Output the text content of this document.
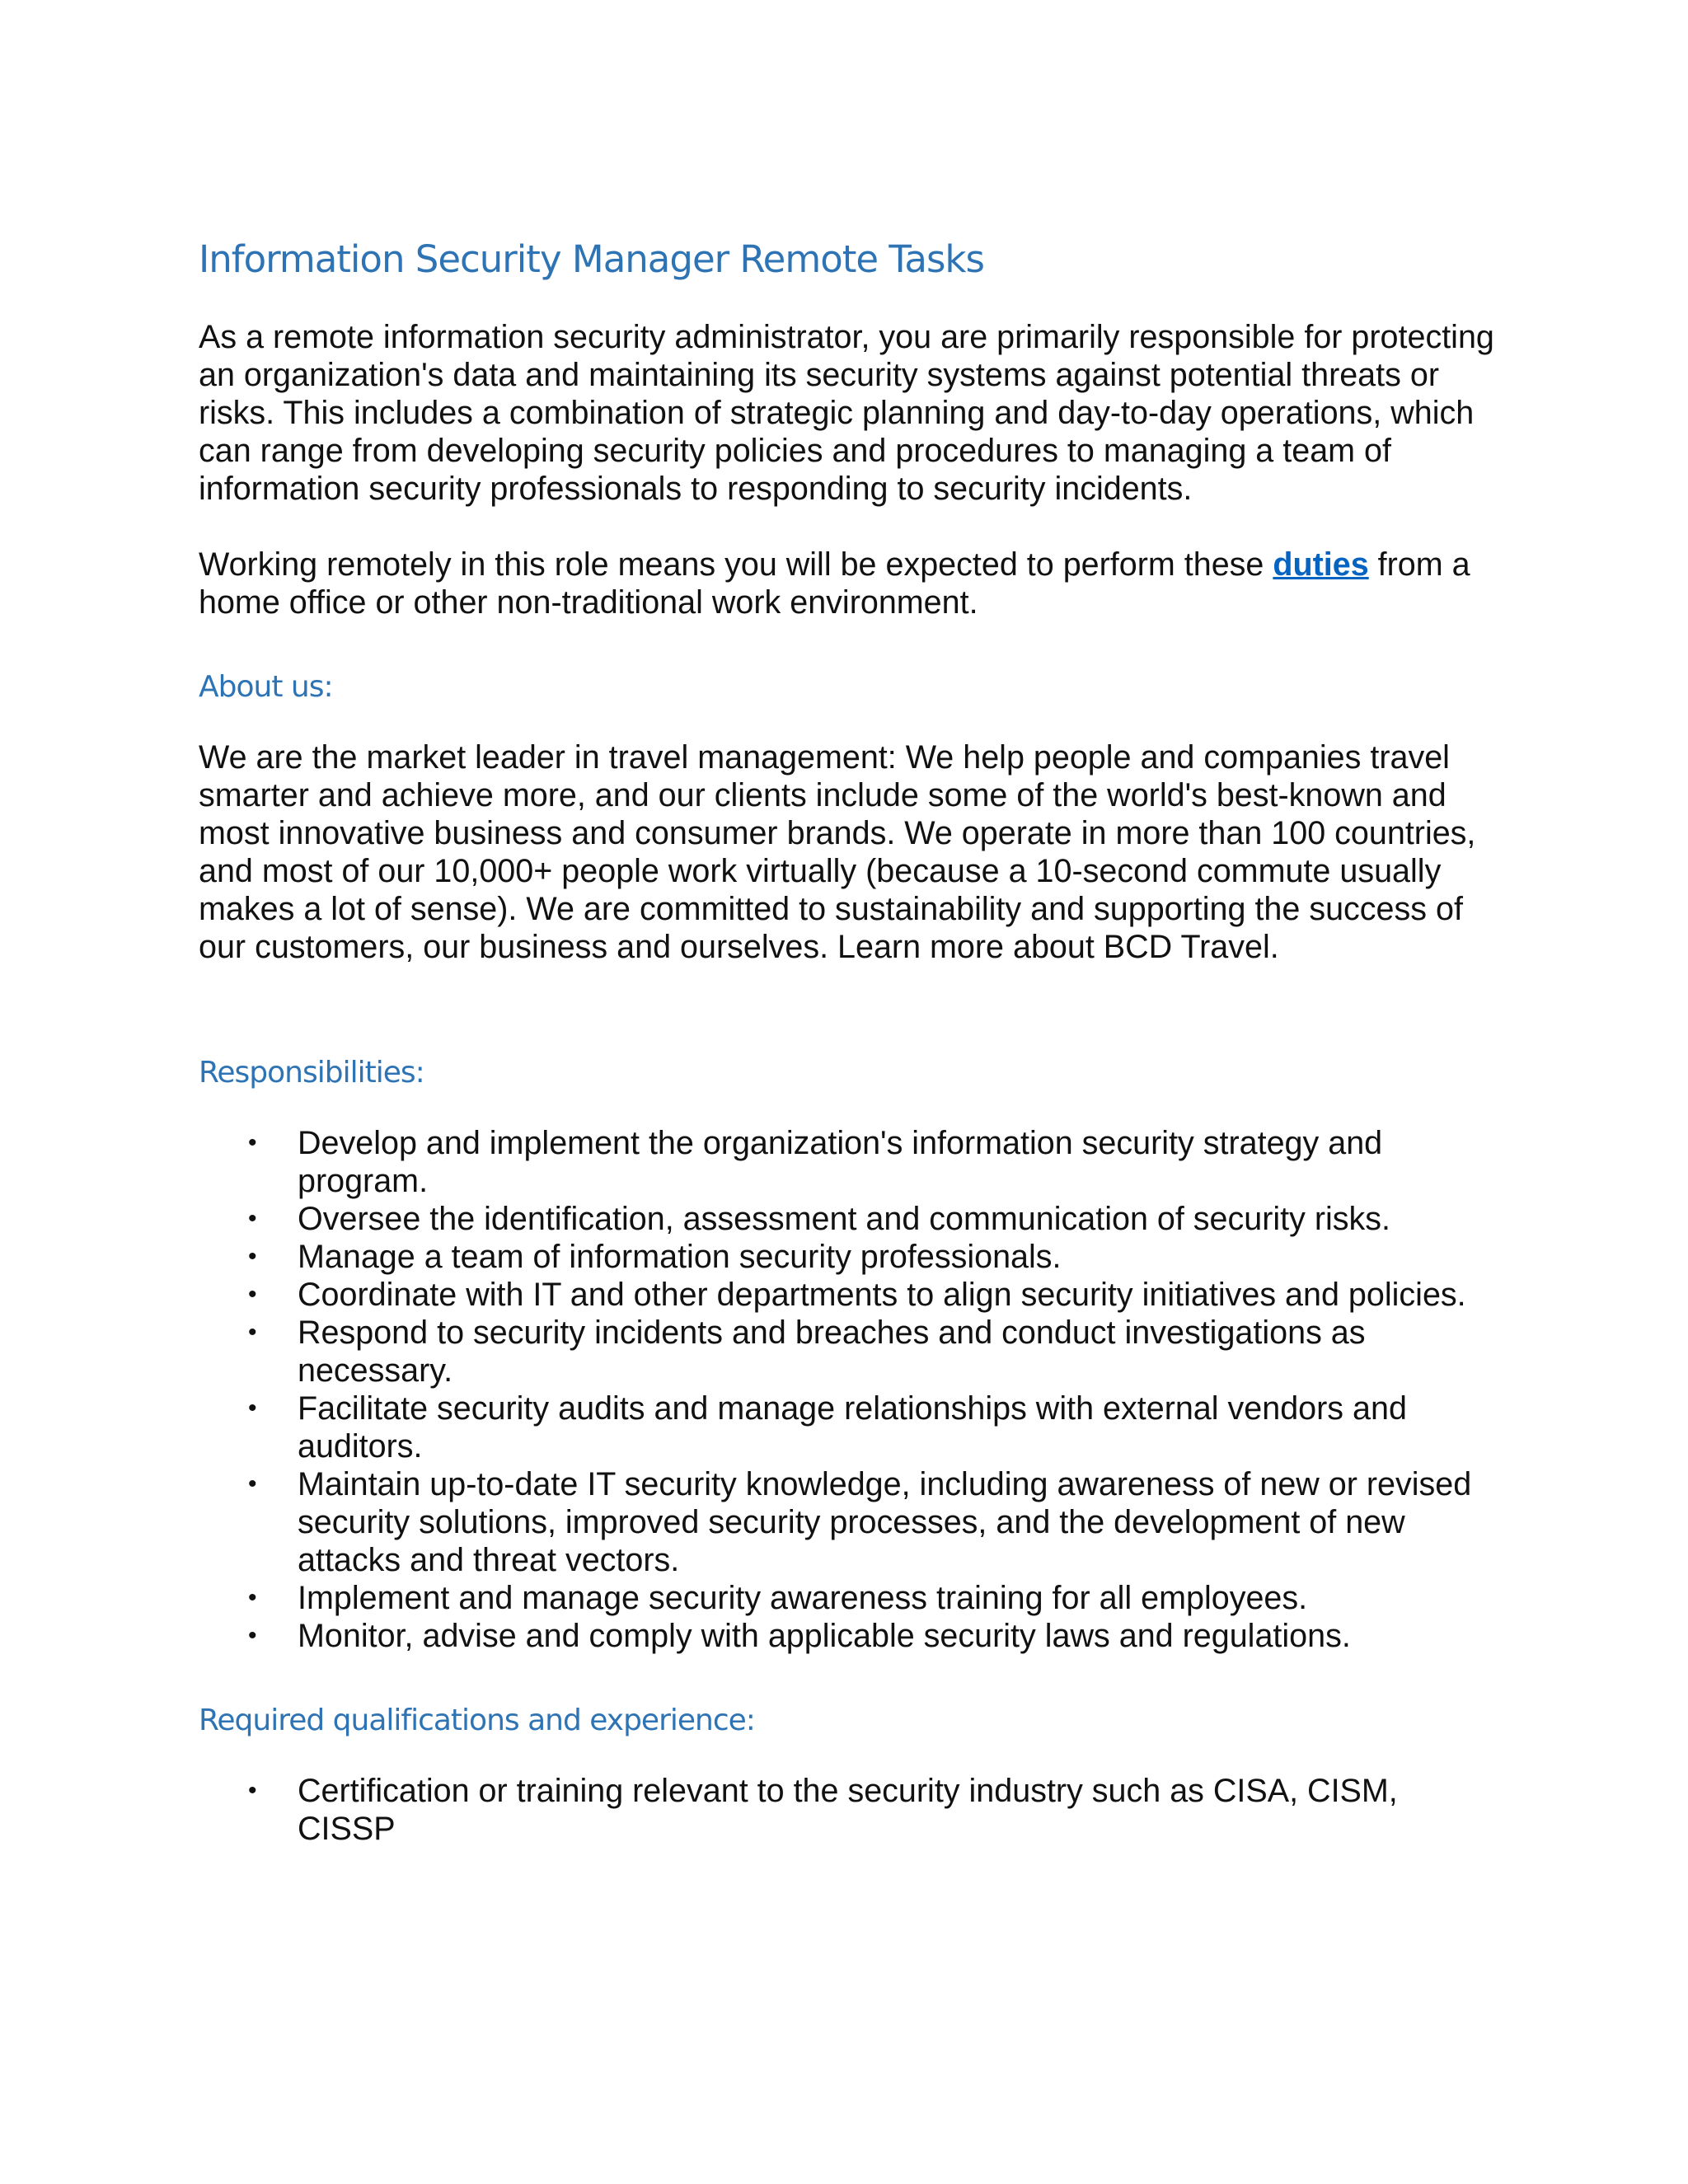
Information Security Manager Remote Tasks

As a remote information security administrator, you are primarily responsible for protecting an organization's data and maintaining its security systems against potential threats or risks. This includes a combination of strategic planning and day-to-day operations, which can range from developing security policies and procedures to managing a team of information security professionals to responding to security incidents.

Working remotely in this role means you will be expected to perform these duties from a home office or other non-traditional work environment.

About us:

We are the market leader in travel management: We help people and companies travel smarter and achieve more, and our clients include some of the world's best-known and most innovative business and consumer brands. We operate in more than 100 countries, and most of our 10,000+ people work virtually (because a 10-second commute usually makes a lot of sense). We are committed to sustainability and supporting the success of our customers, our business and ourselves. Learn more about BCD Travel.

Responsibilities:
• Develop and implement the organization's information security strategy and program.
• Oversee the identification, assessment and communication of security risks.
• Manage a team of information security professionals.
• Coordinate with IT and other departments to align security initiatives and policies.
• Respond to security incidents and breaches and conduct investigations as necessary.
• Facilitate security audits and manage relationships with external vendors and auditors.
• Maintain up-to-date IT security knowledge, including awareness of new or revised security solutions, improved security processes, and the development of new attacks and threat vectors.
• Implement and manage security awareness training for all employees.
• Monitor, advise and comply with applicable security laws and regulations.
Required qualifications and experience:
• Certification or training relevant to the security industry such as CISA, CISM, CISSP
